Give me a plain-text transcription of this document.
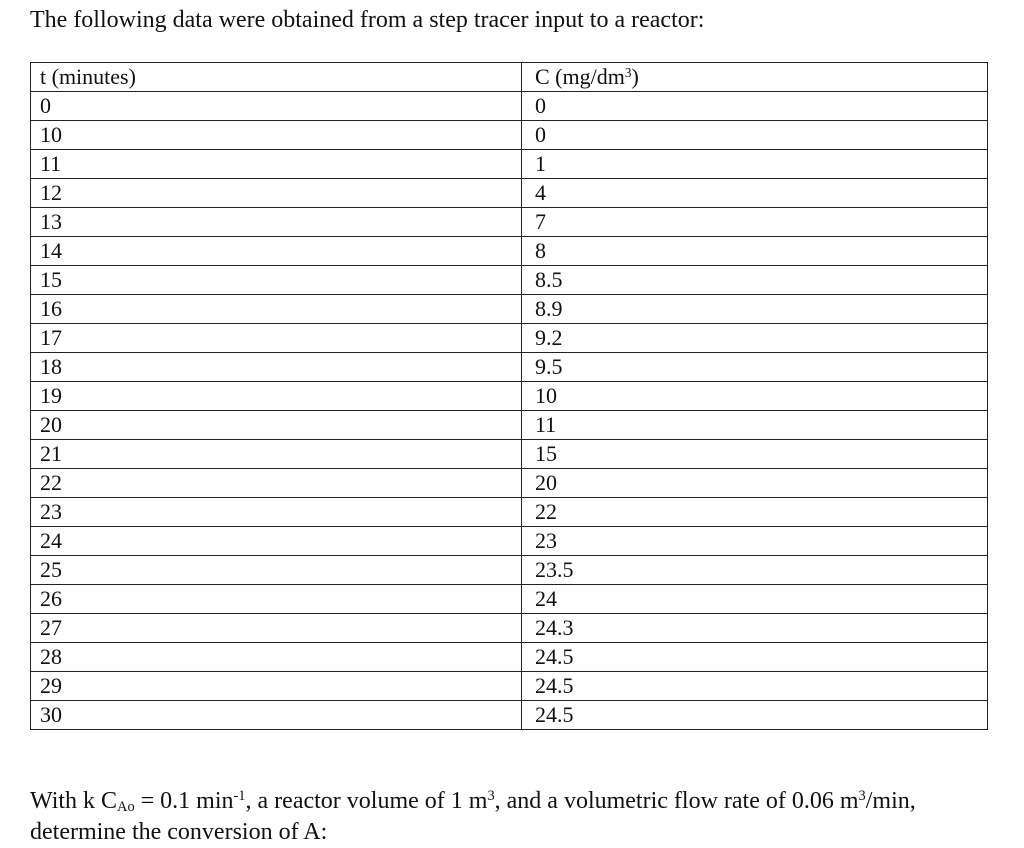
The following data were obtained from a step tracer input to a reactor:
t (minutes)	C $(mg/dm^3)$
0	0
10	0
11	1
12	4
13	7
14	8
15	8.5
16	8.9
17	9.2
18	9.5
19	10
20	11
21	15
22	20
23	22
24	23
25	23.5
26	24
27	24.3
28	24.5
29	24.5
30	24.5

With k $C_{Ao} = 0.1$ $\min^{-1}$, a reactor volume of 1 $m^3$, and a volumetric flow rate of 0.06 $m^3/\min$,

determine the conversion of A:
